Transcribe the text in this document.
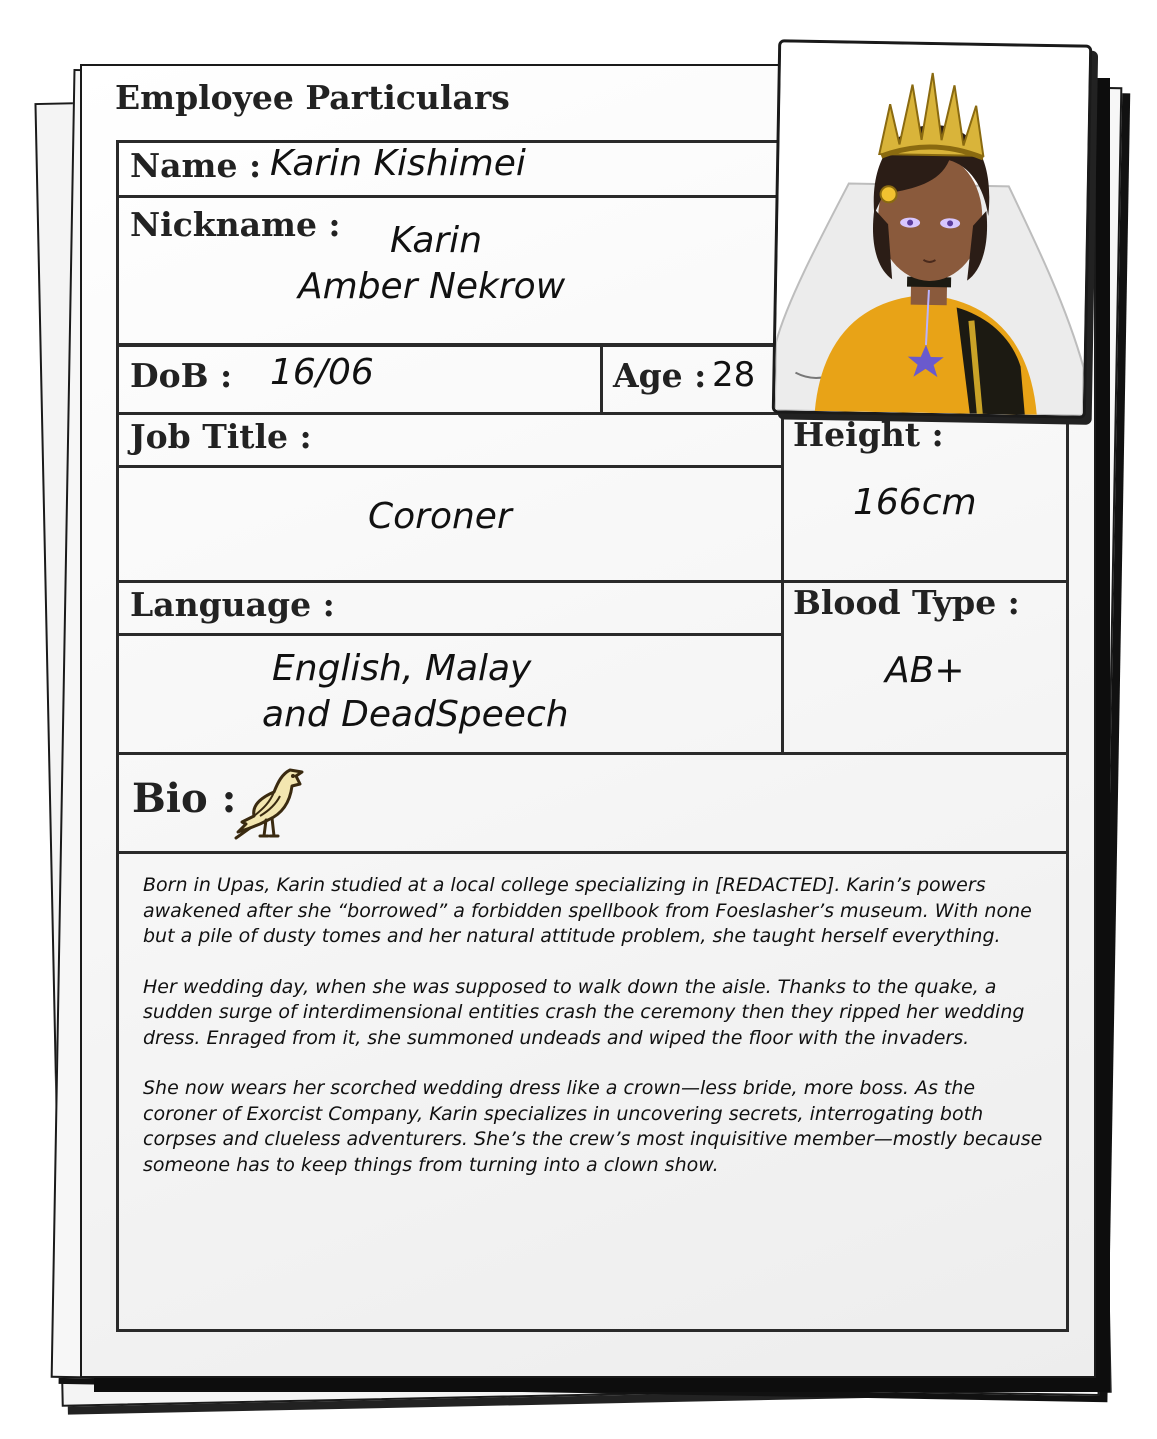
Employee Particulars
Name : Karin Kishimei
Nickname : Karin
Amber Nekrow
DoB : 16/06	Age : 28
Job Title :
Coroner
Height :
166cm
Language :
English, Malay
and DeadSpeech
Blood Type :
AB+
Bio :

Born in Upas, Karin studied at a local college specializing in [REDACTED]. Karin’s powers awakened after she “borrowed” a forbidden spellbook from Foeslasher’s museum. With none but a pile of dusty tomes and her natural attitude problem, she taught herself everything.

Her wedding day, when she was supposed to walk down the aisle. Thanks to the quake, a sudden surge of interdimensional entities crash the ceremony then they ripped her wedding dress. Enraged from it, she summoned undeads and wiped the floor with the invaders.

She now wears her scorched wedding dress like a crown—less bride, more boss. As the coroner of Exorcist Company, Karin specializes in uncovering secrets, interrogating both corpses and clueless adventurers. She’s the crew’s most inquisitive member—mostly because someone has to keep things from turning into a clown show.
